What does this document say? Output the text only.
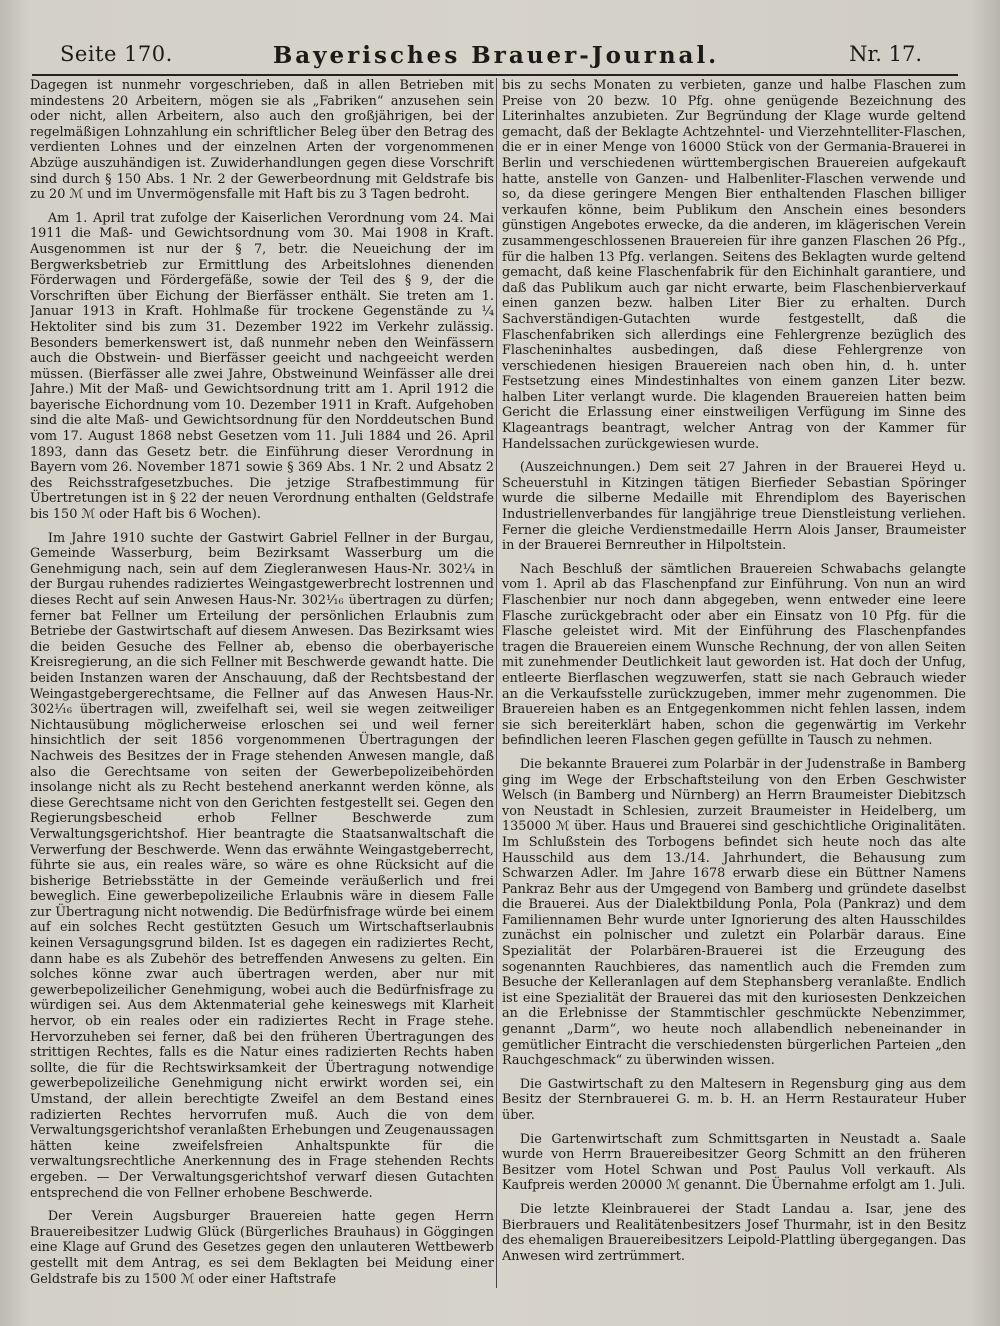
Seite 170.	Bayerisches Brauer-Journal.	Nr. 17.

Dagegen ist nunmehr vorgeschrieben, daß in allen Betrieben mit mindestens 20 Arbeitern, mögen sie als „Fabriken“ anzusehen sein oder nicht, allen Arbeitern, also auch den großjährigen, bei der regelmäßigen Lohnzahlung ein schriftlicher Beleg über den Betrag des verdienten Lohnes und der einzelnen Arten der vorgenommenen Abzüge auszuhändigen ist. Zuwiderhandlungen gegen diese Vorschrift sind durch § 150 Abs. 1 Nr. 2 der Gewerbeordnung mit Geldstrafe bis zu 20 ℳ und im Unvermögensfalle mit Haft bis zu 3 Tagen bedroht.

Am 1. April trat zufolge der Kaiserlichen Verordnung vom 24. Mai 1911 die Maß- und Gewichtsordnung vom 30. Mai 1908 in Kraft. Ausgenommen ist nur der § 7, betr. die Neueichung der im Bergwerksbetrieb zur Ermittlung des Arbeitslohnes dienenden Förderwagen und Fördergefäße, sowie der Teil des § 9, der die Vorschriften über Eichung der Bierfässer enthält. Sie treten am 1. Januar 1913 in Kraft. Hohlmaße für trockene Gegenstände zu ¼ Hektoliter sind bis zum 31. Dezember 1922 im Verkehr zulässig. Besonders bemerkenswert ist, daß nunmehr neben den Weinfässern auch die Obstwein- und Bierfässer geeicht und nachgeeicht werden müssen. (Bierfässer alle zwei Jahre, Obstweinund Weinfässer alle drei Jahre.) Mit der Maß- und Gewichtsordnung tritt am 1. April 1912 die bayerische Eichordnung vom 10. Dezember 1911 in Kraft. Aufgehoben sind die alte Maß- und Gewichtsordnung für den Norddeutschen Bund vom 17. August 1868 nebst Gesetzen vom 11. Juli 1884 und 26. April 1893, dann das Gesetz betr. die Einführung dieser Verordnung in Bayern vom 26. November 1871 sowie § 369 Abs. 1 Nr. 2 und Absatz 2 des Reichsstrafgesetzbuches. Die jetzige Strafbestimmung für Übertretungen ist in § 22 der neuen Verordnung enthalten (Geldstrafe bis 150 ℳ oder Haft bis 6 Wochen).

Im Jahre 1910 suchte der Gastwirt Gabriel Fellner in der Burgau, Gemeinde Wasserburg, beim Bezirksamt Wasserburg um die Genehmigung nach, sein auf dem Ziegleranwesen Haus-Nr. 302¼ in der Burgau ruhendes radiziertes Weingastgewerbrecht lostrennen und dieses Recht auf sein Anwesen Haus-Nr. 302¹⁄₁₆ übertragen zu dürfen; ferner bat Fellner um Erteilung der persönlichen Erlaubnis zum Betriebe der Gastwirtschaft auf diesem Anwesen. Das Bezirksamt wies die beiden Gesuche des Fellner ab, ebenso die oberbayerische Kreisregierung, an die sich Fellner mit Beschwerde gewandt hatte. Die beiden Instanzen waren der Anschauung, daß der Rechtsbestand der Weingastgebergerechtsame, die Fellner auf das Anwesen Haus-Nr. 302¹⁄₁₆ übertragen will, zweifelhaft sei, weil sie wegen zeitweiliger Nichtausübung möglicherweise erloschen sei und weil ferner hinsichtlich der seit 1856 vorgenommenen Übertragungen der Nachweis des Besitzes der in Frage stehenden Anwesen mangle, daß also die Gerechtsame von seiten der Gewerbepolizeibehörden insolange nicht als zu Recht bestehend anerkannt werden könne, als diese Gerechtsame nicht von den Gerichten festgestellt sei. Gegen den Regierungsbescheid erhob Fellner Beschwerde zum Verwaltungsgerichtshof. Hier beantragte die Staatsanwaltschaft die Verwerfung der Beschwerde. Wenn das erwähnte Weingastgeberrecht, führte sie aus, ein reales wäre, so wäre es ohne Rücksicht auf die bisherige Betriebsstätte in der Gemeinde veräußerlich und frei beweglich. Eine gewerbepolizeiliche Erlaubnis wäre in diesem Falle zur Übertragung nicht notwendig. Die Bedürfnisfrage würde bei einem auf ein solches Recht gestützten Gesuch um Wirtschaftserlaubnis keinen Versagungsgrund bilden. Ist es dagegen ein radiziertes Recht, dann habe es als Zubehör des betreffenden Anwesens zu gelten. Ein solches könne zwar auch übertragen werden, aber nur mit gewerbepolizeilicher Genehmigung, wobei auch die Bedürfnisfrage zu würdigen sei. Aus dem Aktenmaterial gehe keineswegs mit Klarheit hervor, ob ein reales oder ein radiziertes Recht in Frage stehe. Hervorzuheben sei ferner, daß bei den früheren Übertragungen des strittigen Rechtes, falls es die Natur eines radizierten Rechts haben sollte, die für die Rechtswirksamkeit der Übertragung notwendige gewerbepolizeiliche Genehmigung nicht erwirkt worden sei, ein Umstand, der allein berechtigte Zweifel an dem Bestand eines radizierten Rechtes hervorrufen muß. Auch die von dem Verwaltungsgerichtshof veranlaßten Erhebungen und Zeugenaussagen hätten keine zweifelsfreien Anhaltspunkte für die verwaltungsrechtliche Anerkennung des in Frage stehenden Rechts ergeben. — Der Verwaltungsgerichtshof verwarf diesen Gutachten entsprechend die von Fellner erhobene Beschwerde.

Der Verein Augsburger Brauereien hatte gegen Herrn Brauereibesitzer Ludwig Glück (Bürgerliches Brauhaus) in Göggingen eine Klage auf Grund des Gesetzes gegen den unlauteren Wettbewerb gestellt mit dem Antrag, es sei dem Beklagten bei Meidung einer Geldstrafe bis zu 1500 ℳ oder einer Haftstrafe

bis zu sechs Monaten zu verbieten, ganze und halbe Flaschen zum Preise von 20 bezw. 10 Pfg. ohne genügende Bezeichnung des Literinhaltes anzubieten. Zur Begründung der Klage wurde geltend gemacht, daß der Beklagte Achtzehntel- und Vierzehntelliter-Flaschen, die er in einer Menge von 16000 Stück von der Germania-Brauerei in Berlin und verschiedenen württembergischen Brauereien aufgekauft hatte, anstelle von Ganzen- und Halbenliter-Flaschen verwende und so, da diese geringere Mengen Bier enthaltenden Flaschen billiger verkaufen könne, beim Publikum den Anschein eines besonders günstigen Angebotes erwecke, da die anderen, im klägerischen Verein zusammengeschlossenen Brauereien für ihre ganzen Flaschen 26 Pfg., für die halben 13 Pfg. verlangen. Seitens des Beklagten wurde geltend gemacht, daß keine Flaschenfabrik für den Eichinhalt garantiere, und daß das Publikum auch gar nicht erwarte, beim Flaschenbierverkauf einen ganzen bezw. halben Liter Bier zu erhalten. Durch Sachverständigen-Gutachten wurde festgestellt, daß die Flaschenfabriken sich allerdings eine Fehlergrenze bezüglich des Flascheninhaltes ausbedingen, daß diese Fehlergrenze von verschiedenen hiesigen Brauereien nach oben hin, d. h. unter Festsetzung eines Mindestinhaltes von einem ganzen Liter bezw. halben Liter verlangt wurde. Die klagenden Brauereien hatten beim Gericht die Erlassung einer einstweiligen Verfügung im Sinne des Klageantrags beantragt, welcher Antrag von der Kammer für Handelssachen zurückgewiesen wurde.

(Auszeichnungen.) Dem seit 27 Jahren in der Brauerei Heyd u. Scheuerstuhl in Kitzingen tätigen Bierfieder Sebastian Spöringer wurde die silberne Medaille mit Ehrendiplom des Bayerischen Industriellenverbandes für langjährige treue Dienstleistung verliehen. Ferner die gleiche Verdienstmedaille Herrn Alois Janser, Braumeister in der Brauerei Bernreuther in Hilpoltstein.

Nach Beschluß der sämtlichen Brauereien Schwabachs gelangte vom 1. April ab das Flaschenpfand zur Einführung. Von nun an wird Flaschenbier nur noch dann abgegeben, wenn entweder eine leere Flasche zurückgebracht oder aber ein Einsatz von 10 Pfg. für die Flasche geleistet wird. Mit der Einführung des Flaschenpfandes tragen die Brauereien einem Wunsche Rechnung, der von allen Seiten mit zunehmender Deutlichkeit laut geworden ist. Hat doch der Unfug, entleerte Bierflaschen wegzuwerfen, statt sie nach Gebrauch wieder an die Verkaufsstelle zurückzugeben, immer mehr zugenommen. Die Brauereien haben es an Entgegenkommen nicht fehlen lassen, indem sie sich bereiterklärt haben, schon die gegenwärtig im Verkehr befindlichen leeren Flaschen gegen gefüllte in Tausch zu nehmen.

Die bekannte Brauerei zum Polarbär in der Judenstraße in Bamberg ging im Wege der Erbschaftsteilung von den Erben Geschwister Welsch (in Bamberg und Nürnberg) an Herrn Braumeister Diebitzsch von Neustadt in Schlesien, zurzeit Braumeister in Heidelberg, um 135000 ℳ über. Haus und Brauerei sind geschichtliche Originalitäten. Im Schlußstein des Torbogens befindet sich heute noch das alte Hausschild aus dem 13./14. Jahrhundert, die Behausung zum Schwarzen Adler. Im Jahre 1678 erwarb diese ein Büttner Namens Pankraz Behr aus der Umgegend von Bamberg und gründete daselbst die Brauerei. Aus der Dialektbildung Ponla, Pola (Pankraz) und dem Familiennamen Behr wurde unter Ignorierung des alten Hausschildes zunächst ein polnischer und zuletzt ein Polarbär daraus. Eine Spezialität der Polarbären-Brauerei ist die Erzeugung des sogenannten Rauchbieres, das namentlich auch die Fremden zum Besuche der Kelleranlagen auf dem Stephansberg veranlaßte. Endlich ist eine Spezialität der Brauerei das mit den kuriosesten Denkzeichen an die Erlebnisse der Stammtischler geschmückte Nebenzimmer, genannt „Darm“, wo heute noch allabendlich nebeneinander in gemütlicher Eintracht die verschiedensten bürgerlichen Parteien „den Rauchgeschmack“ zu überwinden wissen.

Die Gastwirtschaft zu den Maltesern in Regensburg ging aus dem Besitz der Sternbrauerei G. m. b. H. an Herrn Restaurateur Huber über.

Die Gartenwirtschaft zum Schmittsgarten in Neustadt a. Saale wurde von Herrn Brauereibesitzer Georg Schmitt an den früheren Besitzer vom Hotel Schwan und Post Paulus Voll verkauft. Als Kaufpreis werden 20000 ℳ genannt. Die Übernahme erfolgt am 1. Juli.

Die letzte Kleinbrauerei der Stadt Landau a. Isar, jene des Bierbrauers und Realitätenbesitzers Josef Thurmahr, ist in den Besitz des ehemaligen Brauereibesitzers Leipold-Plattling übergegangen. Das Anwesen wird zertrümmert.
